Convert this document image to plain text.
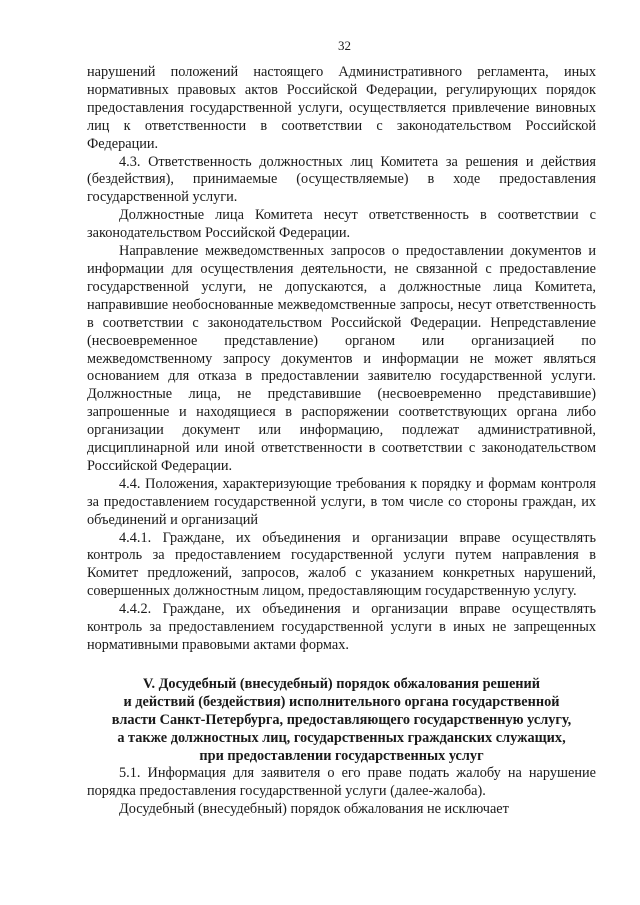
32

нарушений положений настоящего Административного регламента, иных нормативных правовых актов Российской Федерации, регулирующих порядок предоставления государственной услуги, осуществляется привлечение виновных лиц к ответственности в соответствии с законодательством Российской Федерации.

4.3. Ответственность должностных лиц Комитета за решения и действия (бездействия), принимаемые (осуществляемые) в ходе предоставления государственной услуги.

Должностные лица Комитета несут ответственность в соответствии с законодательством Российской Федерации.

Направление межведомственных запросов о предоставлении документов и информации для осуществления деятельности, не связанной с предоставление государственной услуги, не допускаются, а должностные лица Комитета, направившие необоснованные межведомственные запросы, несут ответственность в соответствии с законодательством Российской Федерации. Непредставление (несвоевременное представление) органом или организацией по межведомственному запросу документов и информации не может являться основанием для отказа в предоставлении заявителю государственной услуги. Должностные лица, не представившие (несвоевременно представившие) запрошенные и находящиеся в распоряжении соответствующих органа либо организации документ или информацию, подлежат административной, дисциплинарной или иной ответственности в соответствии с законодательством Российской Федерации.

4.4. Положения, характеризующие требования к порядку и формам контроля за предоставлением государственной услуги, в том числе со стороны граждан, их объединений и организаций

4.4.1. Граждане, их объединения и организации вправе осуществлять контроль за предоставлением государственной услуги путем направления в Комитет предложений, запросов, жалоб с указанием конкретных нарушений, совершенных должностным лицом, предоставляющим государственную услугу.

4.4.2. Граждане, их объединения и организации вправе осуществлять контроль за предоставлением государственной услуги в иных не запрещенных нормативными правовыми актами формах.

V. Досудебный (внесудебный) порядок обжалования решений
и действий (бездействия) исполнительного органа государственной
власти Санкт-Петербурга, предоставляющего государственную услугу,
а также должностных лиц, государственных гражданских служащих,
при предоставлении государственных услуг

5.1. Информация для заявителя о его праве подать жалобу на нарушение порядка предоставления государственной услуги (далее-жалоба).

Досудебный (внесудебный) порядок обжалования не исключает
